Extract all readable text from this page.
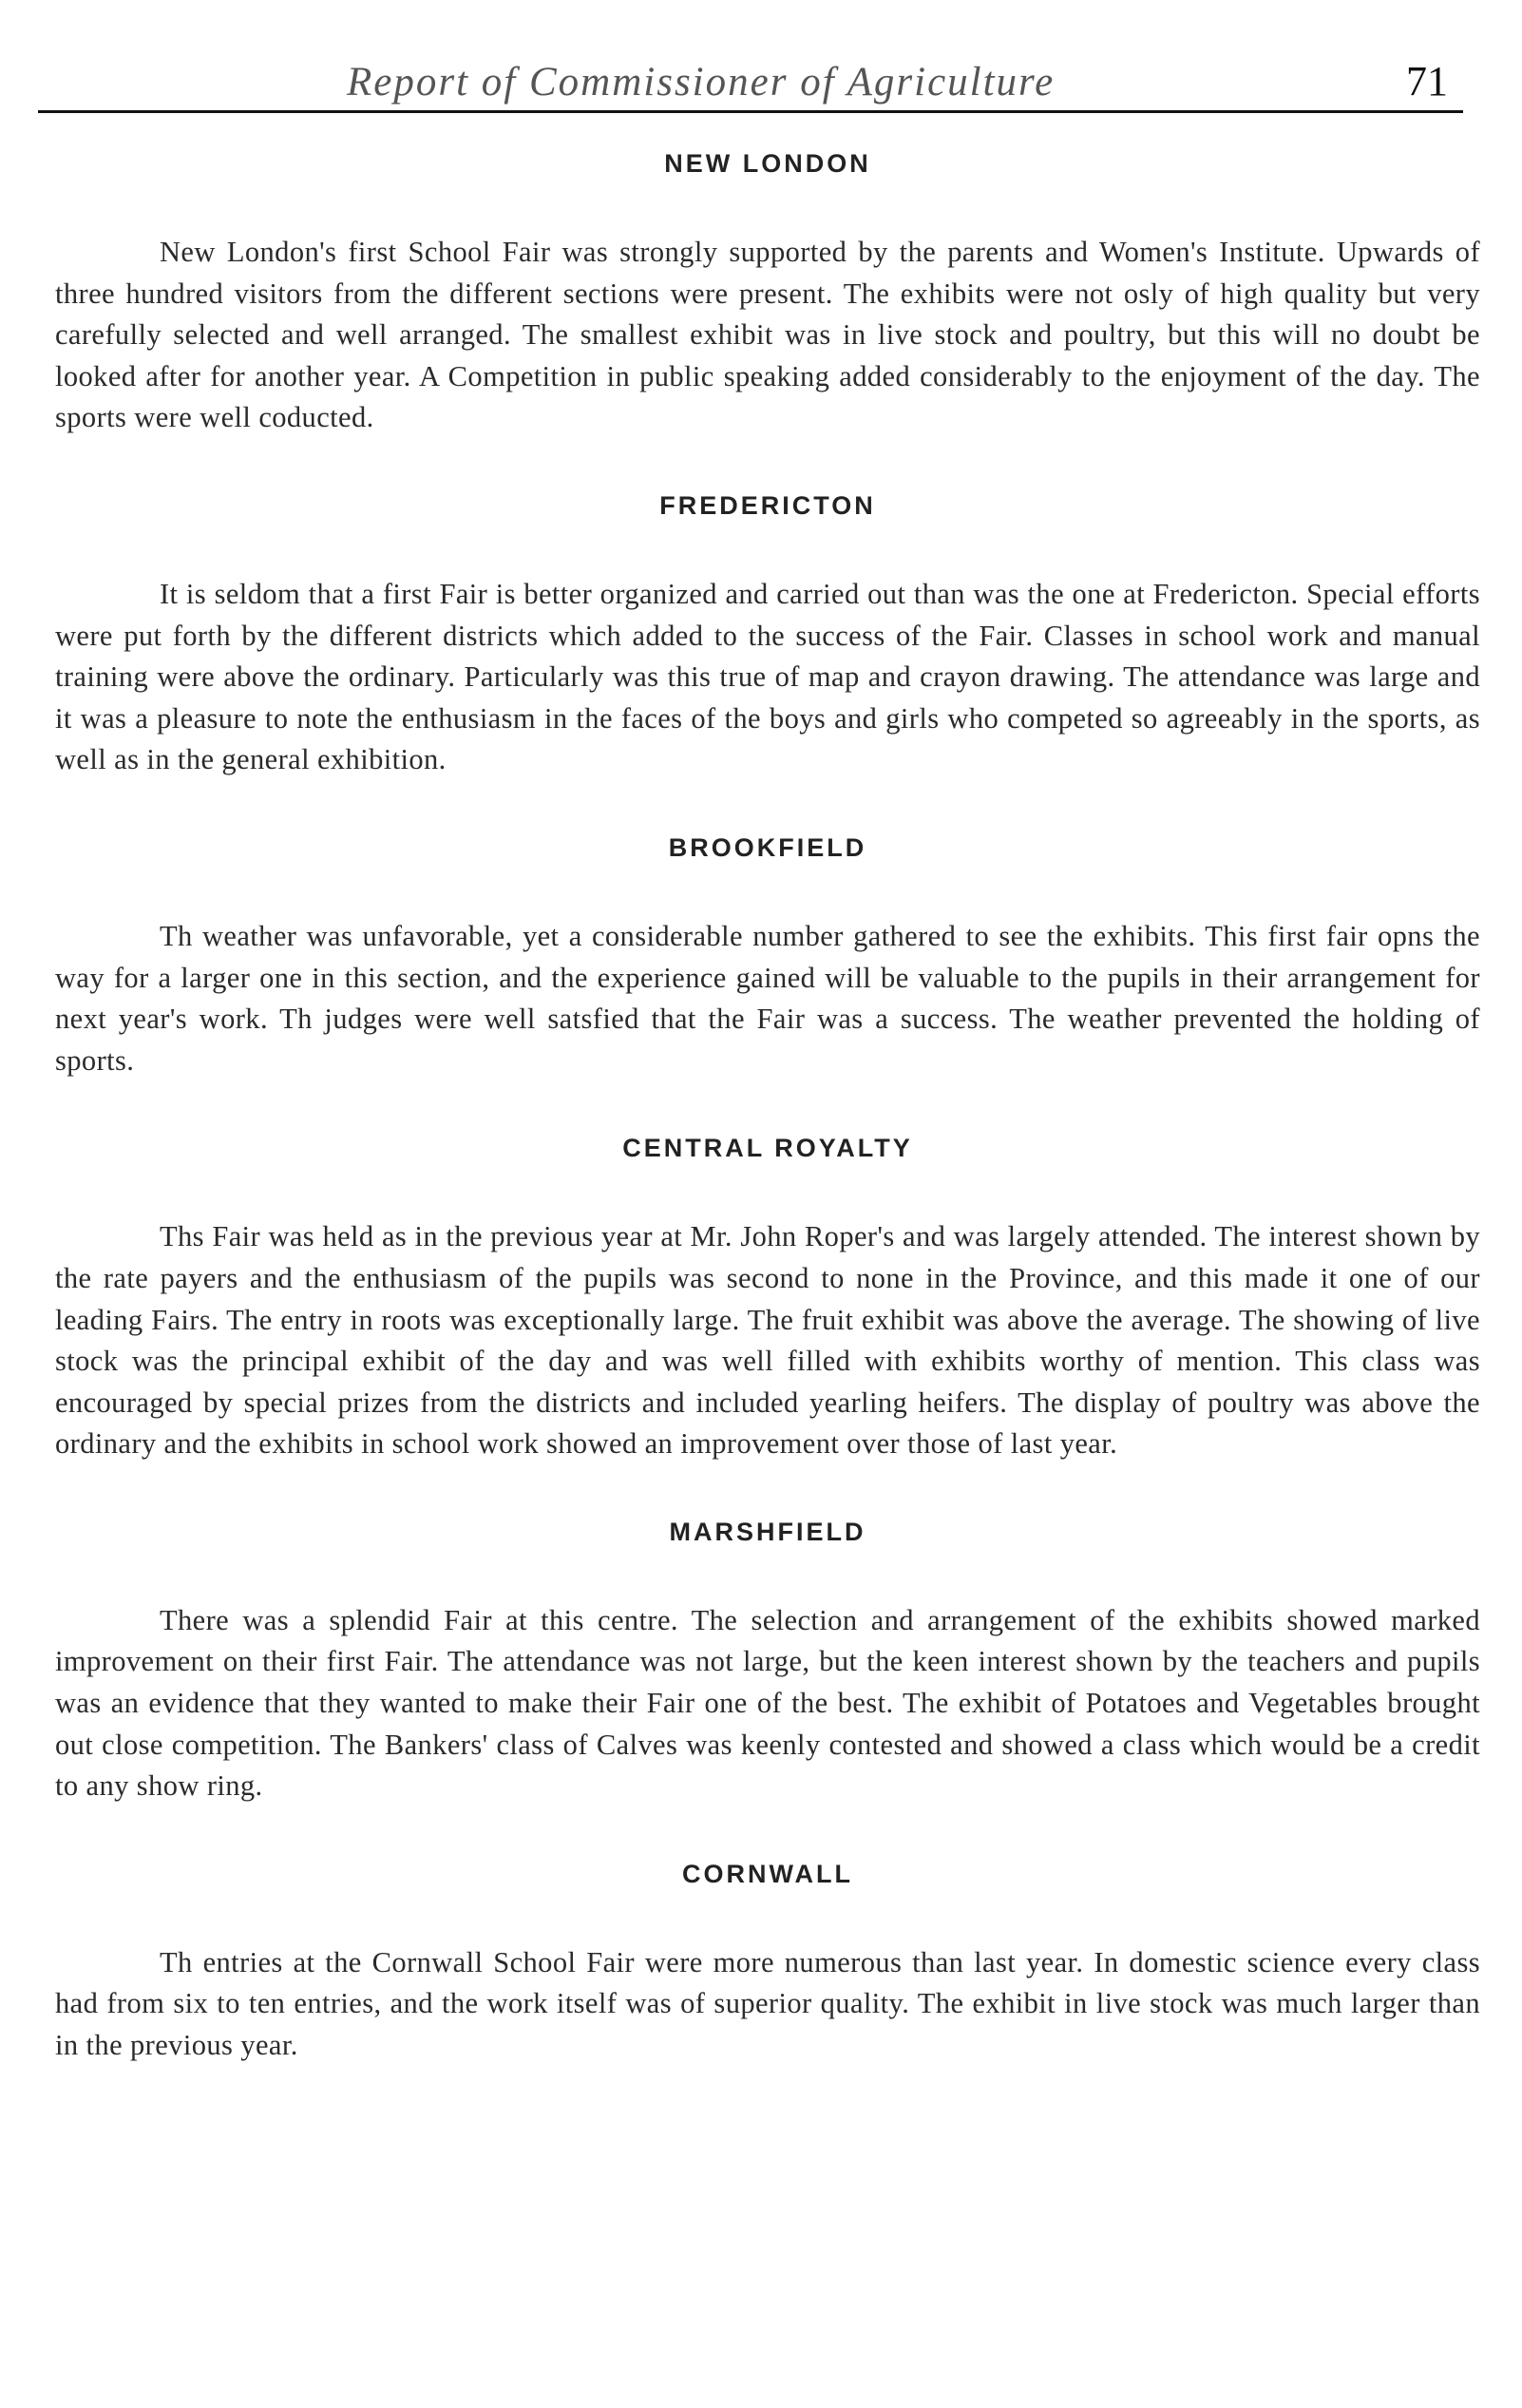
Report of Commissioner of Agriculture	71
NEW LONDON

New London's first School Fair was strongly supported by the parents and Women's Institute. Upwards of three hundred visitors from the different sections were present. The exhibits were not osly of high quality but very carefully selected and well arranged. The smallest exhibit was in live stock and poultry, but this will no doubt be looked after for another year. A Competition in public speaking added considerably to the enjoyment of the day. The sports were well coducted.

FREDERICTON

It is seldom that a first Fair is better organized and carried out than was the one at Fredericton. Special efforts were put forth by the different districts which added to the success of the Fair. Classes in school work and manual training were above the ordinary. Particularly was this true of map and crayon drawing. The attendance was large and it was a pleasure to note the enthusiasm in the faces of the boys and girls who competed so agreeably in the sports, as well as in the general exhibition.

BROOKFIELD

Th weather was unfavorable, yet a considerable number gathered to see the exhibits. This first fair opns the way for a larger one in this section, and the experience gained will be valuable to the pupils in their arrangement for next year's work. Th judges were well satsfied that the Fair was a success. The weather prevented the holding of sports.

CENTRAL ROYALTY

Ths Fair was held as in the previous year at Mr. John Roper's and was largely attended. The interest shown by the rate payers and the enthusiasm of the pupils was second to none in the Province, and this made it one of our leading Fairs. The entry in roots was exceptionally large. The fruit exhibit was above the average. The showing of live stock was the principal exhibit of the day and was well filled with exhibits worthy of mention. This class was encouraged by special prizes from the districts and included yearling heifers. The display of poultry was above the ordinary and the exhibits in school work showed an improvement over those of last year.

MARSHFIELD

There was a splendid Fair at this centre. The selection and arrangement of the exhibits showed marked improvement on their first Fair. The attendance was not large, but the keen interest shown by the teachers and pupils was an evidence that they wanted to make their Fair one of the best. The exhibit of Potatoes and Vegetables brought out close competition. The Bankers' class of Calves was keenly contested and showed a class which would be a credit to any show ring.

CORNWALL

Th entries at the Cornwall School Fair were more numerous than last year. In domestic science every class had from six to ten entries, and the work itself was of superior quality. The exhibit in live stock was much larger than in the previous year.
